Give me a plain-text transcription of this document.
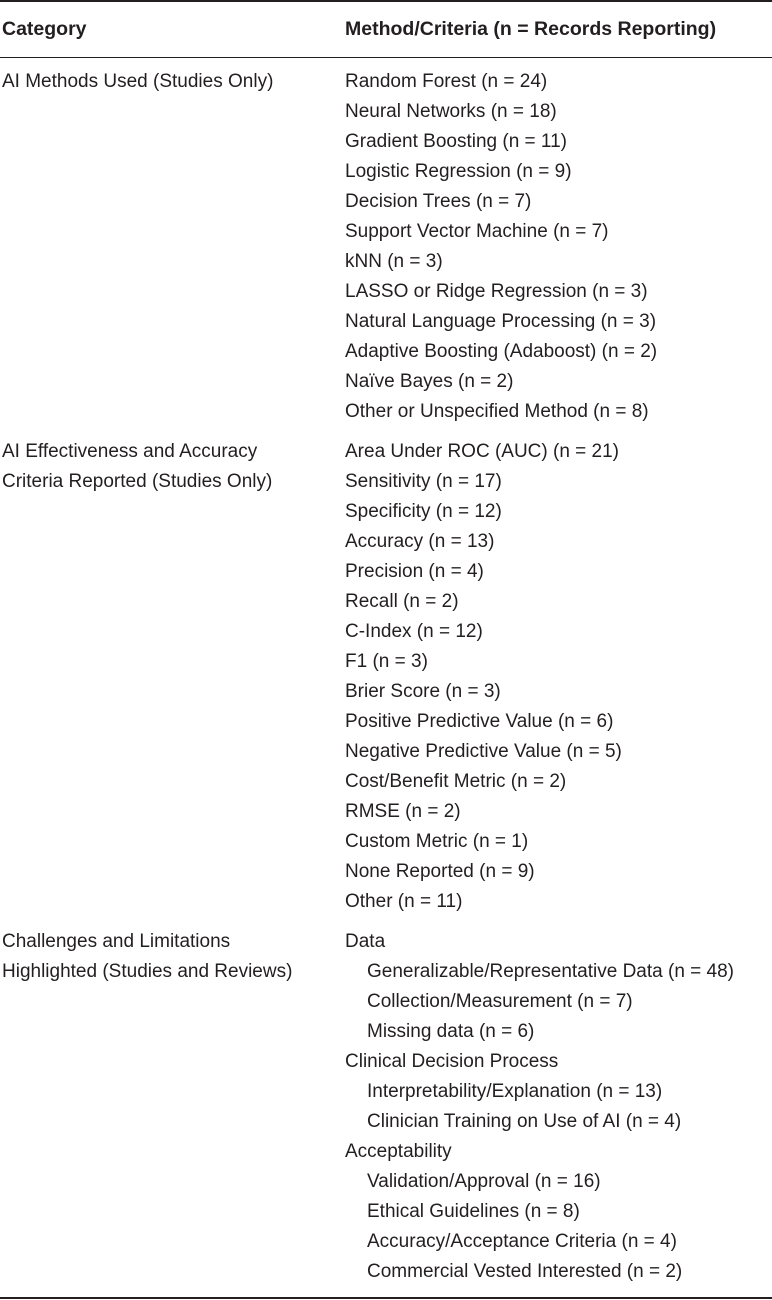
Category	Method/Criteria (n = Records Reporting)
AI Methods Used (Studies Only)	Random Forest (n = 24)
Neural Networks (n = 18)
Gradient Boosting (n = 11)
Logistic Regression (n = 9)
Decision Trees (n = 7)
Support Vector Machine (n = 7)
kNN (n = 3)
LASSO or Ridge Regression (n = 3)
Natural Language Processing (n = 3)
Adaptive Boosting (Adaboost) (n = 2)
Naïve Bayes (n = 2)
Other or Unspecified Method (n = 8)
AI Effectiveness and Accuracy Criteria Reported (Studies Only)
Area Under ROC (AUC) (n = 21)
Sensitivity (n = 17)
Specificity (n = 12)
Accuracy (n = 13)
Precision (n = 4)
Recall (n = 2)
C-Index (n = 12)
F1 (n = 3)
Brier Score (n = 3)
Positive Predictive Value (n = 6)
Negative Predictive Value (n = 5)
Cost/Benefit Metric (n = 2)
RMSE (n = 2)
Custom Metric (n = 1)
None Reported (n = 9)
Other (n = 11)
Challenges and Limitations Highlighted (Studies and Reviews)
Data
Generalizable/Representative Data (n = 48)
Collection/Measurement (n = 7)
Missing data (n = 6)
Clinical Decision Process
Interpretability/Explanation (n = 13)
Clinician Training on Use of AI (n = 4)
Acceptability
Validation/Approval (n = 16)
Ethical Guidelines (n = 8)
Accuracy/Acceptance Criteria (n = 4)
Commercial Vested Interested (n = 2)
